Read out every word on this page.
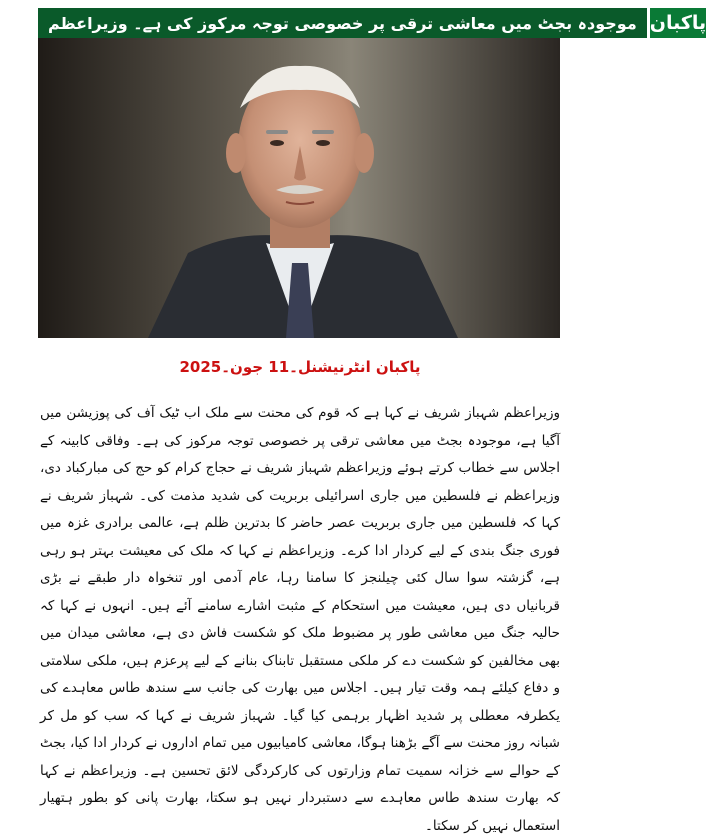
موجودہ بجٹ میں معاشی ترقی پر خصوصی توجہ مرکوز کی ہے۔ وزیراعظم پاکبان
پاکبان انٹرنیشنل۔11 جون۔2025
وزیراعظم شہباز شریف نے کہا ہے کہ قوم کی محنت سے ملک اب ٹیک آف کی پوزیشن میں آگیا ہے، موجودہ بجٹ میں معاشی ترقی پر خصوصی توجہ مرکوز کی ہے۔ وفاقی کابینہ کے اجلاس سے خطاب کرتے ہوئے وزیراعظم شہباز شریف نے حجاج کرام کو حج کی مبارکباد دی، وزیراعظم نے فلسطین میں جاری اسرائیلی بربریت کی شدید مذمت کی۔ شہباز شریف نے کہا کہ فلسطین میں جاری بربریت عصر حاضر کا بدترین ظلم ہے، عالمی برادری غزہ میں فوری جنگ بندی کے لیے کردار ادا کرے۔ وزیراعظم نے کہا کہ ملک کی معیشت بہتر ہو رہی ہے، گزشتہ سوا سال کئی چیلنجز کا سامنا رہا، عام آدمی اور تنخواہ دار طبقے نے بڑی قربانیاں دی ہیں، معیشت میں استحکام کے مثبت اشارے سامنے آئے ہیں۔ انہوں نے کہا کہ حالیہ جنگ میں معاشی طور پر مضبوط ملک کو شکست فاش دی ہے، معاشی میدان میں بھی مخالفین کو شکست دے کر ملکی مستقبل تابناک بنانے کے لیے پرعزم ہیں، ملکی سلامتی و دفاع کیلئے ہمہ وقت تیار ہیں۔ اجلاس میں بھارت کی جانب سے سندھ طاس معاہدے کی یکطرفہ معطلی پر شدید اظہار برہمی کیا گیا۔ شہباز شریف نے کہا کہ سب کو مل کر شبانہ روز محنت سے آگے بڑھنا ہوگا، معاشی کامیابیوں میں تمام اداروں نے کردار ادا کیا، بجٹ کے حوالے سے خزانہ سمیت تمام وزارتوں کی کارکردگی لائق تحسین ہے۔ وزیراعظم نے کہا کہ بھارت سندھ طاس معاہدے سے دستبردار نہیں ہو سکتا، بھارت پانی کو بطور ہتھیار استعمال نہیں کر سکتا۔
